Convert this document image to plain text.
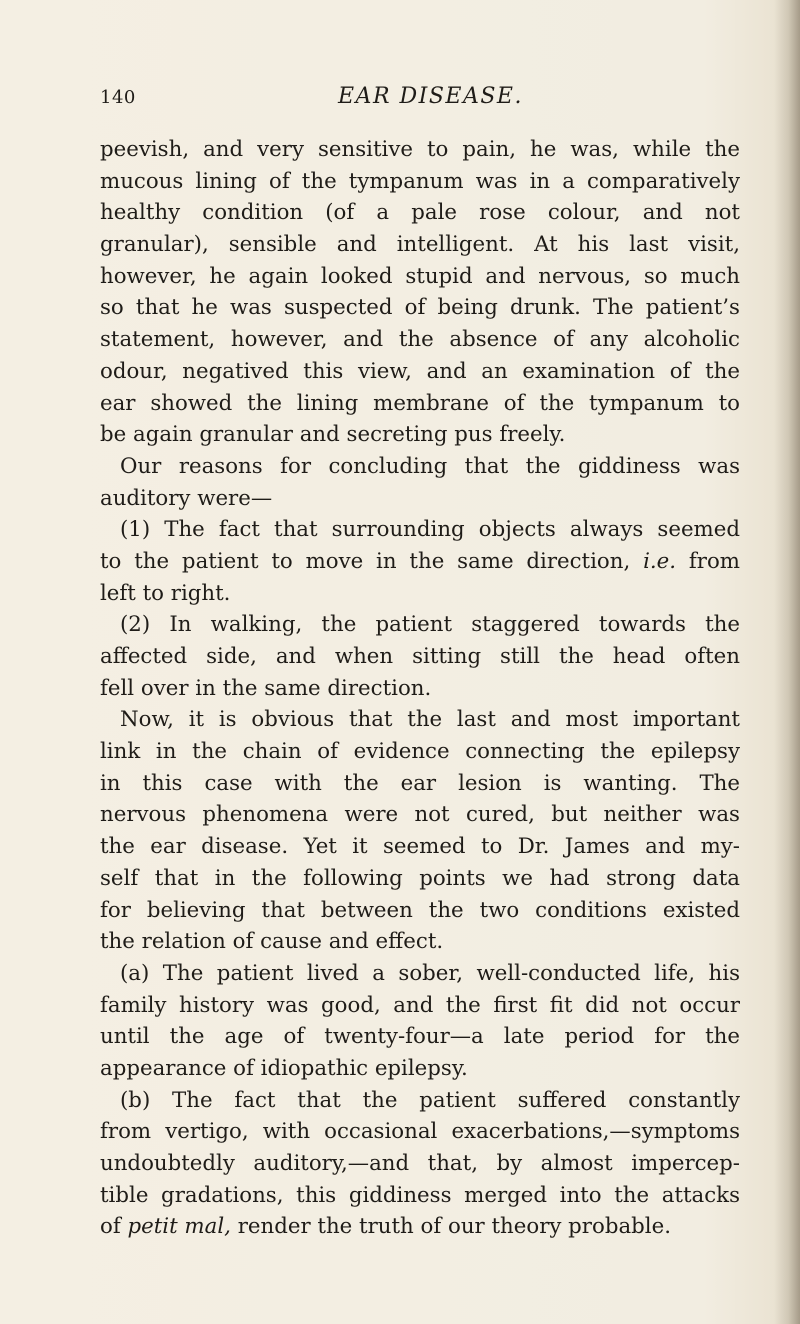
140	EAR DISEASE.
peevish, and very sensitive to pain, he was, while the
mucous lining of the tympanum was in a comparatively
healthy condition (of a pale rose colour, and not
granular), sensible and intelligent. At his last visit,
however, he again looked stupid and nervous, so much
so that he was suspected of being drunk. The patient’s
statement, however, and the absence of any alcoholic
odour, negatived this view, and an examination of the
ear showed the lining membrane of the tympanum to
be again granular and secreting pus freely.
Our reasons for concluding that the giddiness was
auditory were—
(1) The fact that surrounding objects always seemed
to the patient to move in the same direction, i.e. from
left to right.
(2) In walking, the patient staggered towards the
affected side, and when sitting still the head often
fell over in the same direction.
Now, it is obvious that the last and most important
link in the chain of evidence connecting the epilepsy
in this case with the ear lesion is wanting. The
nervous phenomena were not cured, but neither was
the ear disease. Yet it seemed to Dr. James and my-
self that in the following points we had strong data
for believing that between the two conditions existed
the relation of cause and effect.
(a) The patient lived a sober, well-conducted life, his
family history was good, and the first fit did not occur
until the age of twenty-four—a late period for the
appearance of idiopathic epilepsy.
(b) The fact that the patient suffered constantly
from vertigo, with occasional exacerbations,—symptoms
undoubtedly auditory,—and that, by almost impercep-
tible gradations, this giddiness merged into the attacks
of petit mal, render the truth of our theory probable.
